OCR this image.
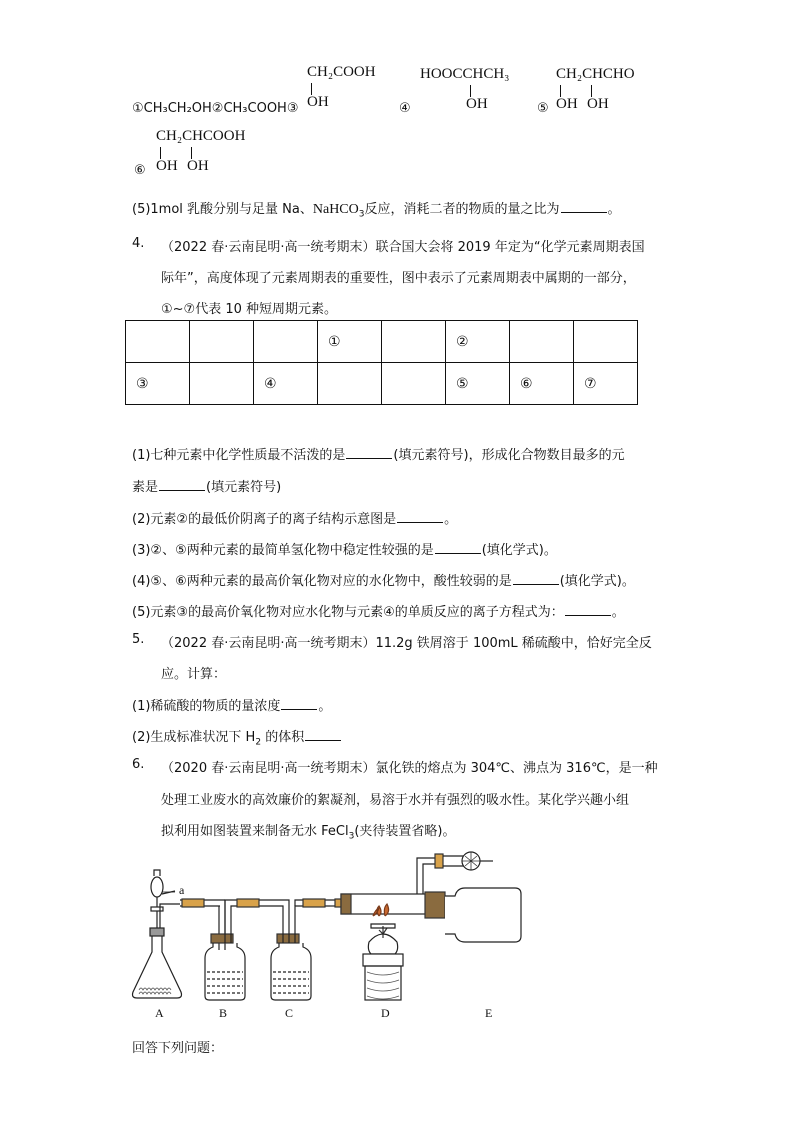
①CH₃CH₂OH②CH₃COOH③
CH₂COOH
OH	④
HOOCCHCH₃
OH	⑤
CH₂CHCHO
OH OH
⑥
CH₂CHCOOH
OH OH
(5)1mol 乳酸分别与足量 Na、NaHCO$_3$反应，消耗二者的物质的量之比为	。
4. （2022 春·云南昆明·高一统考期末）联合国大会将 2019 年定为“化学元素周期表国
际年”，高度体现了元素周期表的重要性，图中表示了元素周期表中属期的一部分，
①~⑦代表 10 种短周期元素。
			①		②		
③		④			⑤	⑥	⑦
(1)七种元素中化学性质最不活泼的是	(填元素符号)，形成化合物数目最多的元
素是	(填元素符号)
(2)元素②的最低价阴离子的离子结构示意图是	。
(3)②、⑤两种元素的最简单氢化物中稳定性较强的是	(填化学式)。
(4)⑤、⑥两种元素的最高价氧化物对应的水化物中，酸性较弱的是	(填化学式)。
(5)元素③的最高价氧化物对应水化物与元素④的单质反应的离子方程式为：	。
5. （2022 春·云南昆明·高一统考期末）11.2g 铁屑溶于 100mL 稀硫酸中，恰好完全反
应。计算：
(1)稀硫酸的物质的量浓度	。
(2)生成标准状况下 $H_2$ 的体积
6. （2020 春·云南昆明·高一统考期末）氯化铁的熔点为 304℃、沸点为 316℃，是一种
处理工业废水的高效廉价的絮凝剂，易溶于水并有强烈的吸水性。某化学兴趣小组
拟利用如图装置来制备无水 FeCl$_3$(夹待装置省略)。
a
A	B	C	D	E
回答下列问题：
